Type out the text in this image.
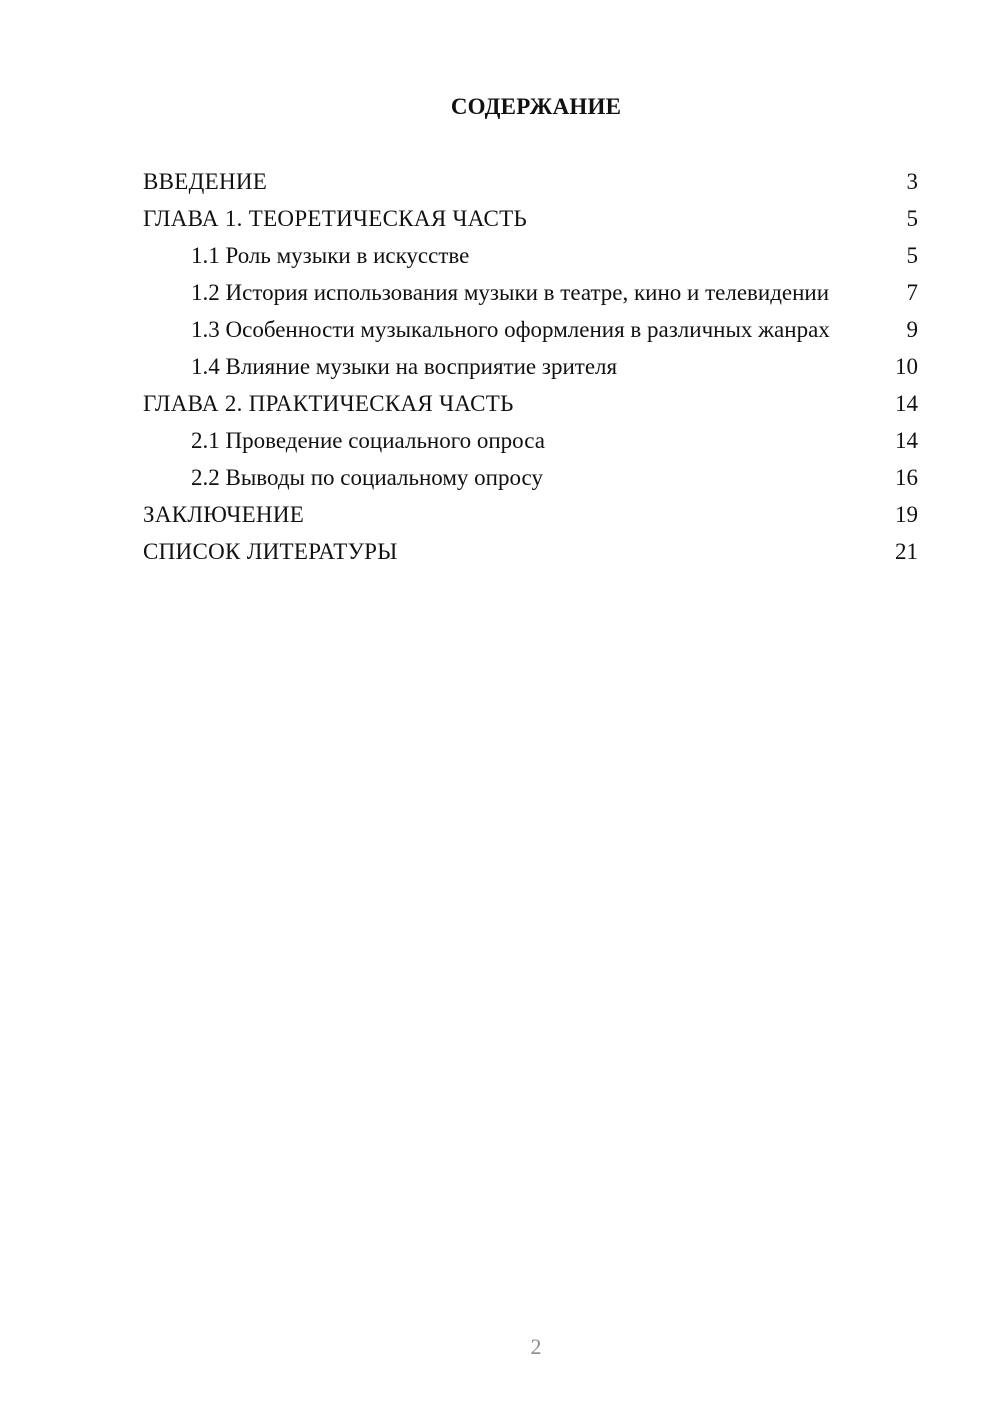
СОДЕРЖАНИЕ
ВВЕДЕНИЕ	3
ГЛАВА 1. ТЕОРЕТИЧЕСКАЯ ЧАСТЬ	5
1.1 Роль музыки в искусстве	5
1.2 История использования музыки в театре, кино и телевидении	7
1.3 Особенности музыкального оформления в различных жанрах	9
1.4 Влияние музыки на восприятие зрителя	10
ГЛАВА 2. ПРАКТИЧЕСКАЯ ЧАСТЬ	14
2.1 Проведение социального опроса	14
2.2 Выводы по социальному опросу	16
ЗАКЛЮЧЕНИЕ	19
СПИСОК ЛИТЕРАТУРЫ	21
2
